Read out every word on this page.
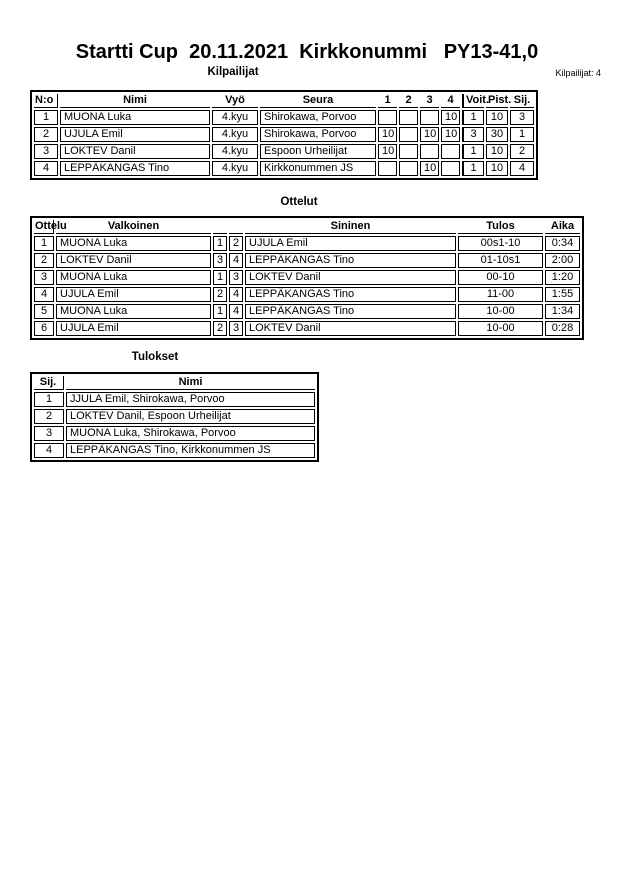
Startti Cup  20.11.2021  Kirkkonummi   PY13-41,0
Kilpailijat	Kilpailijat: 4
N:o	Nimi	Vyö	Seura	1	2	3	4	Voit.	Pist.	Sij.
1	MUONA Luka	4.kyu	Shirokawa, Porvoo				10	1	10	3
2	UJULA Emil	4.kyu	Shirokawa, Porvoo	10		10	10	3	30	1
3	LOKTEV Danil	4.kyu	Espoon Urheilijat	10				1	10	2
4	LEPPÄKANGAS Tino	4.kyu	Kirkkonummen JS			10		1	10	4
Ottelut
Ottelu	Valkoinen			Sininen	Tulos	Aika
1	MUONA Luka	1	2	UJULA Emil	00s1-10	0:34
2	LOKTEV Danil	3	4	LEPPÄKANGAS Tino	01-10s1	2:00
3	MUONA Luka	1	3	LOKTEV Danil	00-10	1:20
4	UJULA Emil	2	4	LEPPÄKANGAS Tino	11-00	1:55
5	MUONA Luka	1	4	LEPPÄKANGAS Tino	10-00	1:34
6	UJULA Emil	2	3	LOKTEV Danil	10-00	0:28
Tulokset
Sij.	Nimi
1	JJULA Emil, Shirokawa, Porvoo
2	LOKTEV Danil, Espoon Urheilijat
3	MUONA Luka, Shirokawa, Porvoo
4	LEPPÄKANGAS Tino, Kirkkonummen JS
